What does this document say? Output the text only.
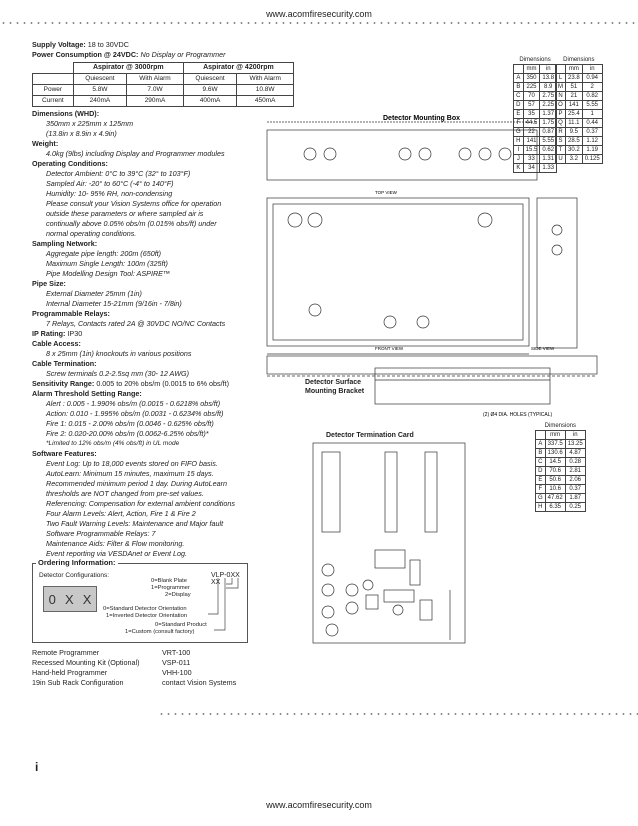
www.acomfiresecurity.com
Supply Voltage: 18 to 30VDC
Power Consumption @ 24VDC: No Display or Programmer
	Aspirator @ 3000rpm		Aspirator @ 4200rpm	
	Quiescent	With Alarm	Quiescent	With Alarm
Power	5.8W	7.0W	9.6W	10.8W
Current	240mA	290mA	400mA	450mA
Dimensions (WHD):
350mm x 225mm x 125mm
(13.8in x 8.9in x 4.9in)
Weight:
4.0kg (9lbs) including Display and Programmer modules
Operating Conditions:
Detector Ambient: 0°C to 39°C (32° to 103°F)
Sampled Air: -20° to 60°C (-4° to 140°F)
Humidity: 10- 95% RH, non-condensing
Please consult your Vision Systems office for operation
outside these parameters or where sampled air is
continually above 0.05% obs/m (0.015% obs/ft) under
normal operating conditions.
Sampling Network:
Aggregate pipe length: 200m (650ft)
Maximum Single Length: 100m (325ft)
Pipe Modelling Design Tool: ASPIRE™
Pipe Size:
External Diameter 25mm (1in)
Internal Diameter 15-21mm (9/16in - 7/8in)
Programmable Relays:
7 Relays, Contacts rated 2A @ 30VDC NO/NC Contacts
IP Rating: IP30
Cable Access:
8 x 25mm (1in) knockouts in various positions
Cable Termination:
Screw terminals 0.2-2.5sq mm (30- 12 AWG)
Sensitivity Range: 0.005 to 20% obs/m (0.0015 to 6% obs/ft)
Alarm Threshold Setting Range:
Alert : 0.005 - 1.990% obs/m (0.0015 - 0.6218% obs/ft)
Action: 0.010 - 1.995% obs/m (0.0031 - 0.6234% obs/ft)
Fire 1: 0.015 - 2.00% obs/m (0.0046 - 0.625% obs/ft)
Fire 2: 0.020-20.00% obs/m (0.0062-6.25% obs/ft)*
*Limited to 12% obs/m (4% obs/ft) in UL mode
Software Features:
Event Log: Up to 18,000 events stored on FIFO basis.
AutoLearn: Minimum 15 minutes, maximum 15 days.
Recommended minimum period 1 day. During AutoLearn
thresholds are NOT changed from pre-set values.
Referencing: Compensation for external ambient conditions
Four Alarm Levels: Alert, Action, Fire 1 & Fire 2
Two Fault Warning Levels: Maintenance and Major fault
Software Programmable Relays: 7
Maintenance Aids: Filter & Flow monitoring.
Event reporting via VESDAnet or Event Log.
Ordering Information:
Detector Configurations:	VLP-0XX XX
0 X X
0=Blank Plate
1=Programmer
2=Display
0=Standard Detector Orientation
1=Inverted Detector Orientation
0=Standard Product
1=Custom (consult factory)
Remote Programmer	VRT-100
Recessed Mounting Kit (Optional)	VSP-011
Hand-held Programmer	VHH-100
19in Sub Rack Configuration	contact Vision Systems
Dimensions		
	mm	in
A	350	13.8
B	225	8.9
C	70	2.75
D	57	2.25
E	35	1.37
F	44.5	1.75
G	22	0.87
H	141	5.55
I	15.5	0.62
J	33	1.31
K	34	1.33
Dimensions		
	mm	in
L	23.8	0.94
M	51	2
N	21	0.82
O	141	5.55
P	25.4	1
Q	11.1	0.44
R	9.5	0.37
S	28.5	1.12
T	30.2	1.19
U	3.2	0.125
Detector Mounting Box
TOP VIEW
FRONT VIEW	SIDE VIEW
(2) Ø4 DIA. HOLES (TYPICAL)
Detector Surface Mounting Bracket
Dimensions		
	mm	in
A	337.5	13.25
B	130.6	4.87
C	14.5	0.28
D	70.6	2.81
E	50.6	2.06
F	10.6	0.37
G	47.62	1.87
H	6.35	0.25
Detector Termination Card
i
www.acomfiresecurity.com
